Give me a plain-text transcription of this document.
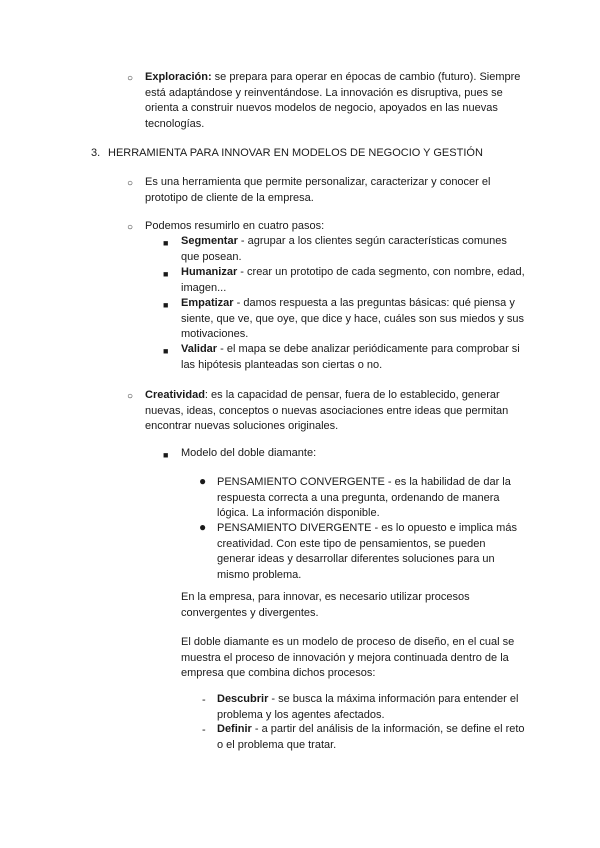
○ Exploración: se prepara para operar en épocas de cambio (futuro). Siempre está adaptándose y reinventándose. La innovación es disruptiva, pues se orienta a construir nuevos modelos de negocio, apoyados en las nuevas tecnologías.
3. HERRAMIENTA PARA INNOVAR EN MODELOS DE NEGOCIO Y GESTIÓN
○ Es una herramienta que permite personalizar, caracterizar y conocer el prototipo de cliente de la empresa.
○ Podemos resumirlo en cuatro pasos:
■ Segmentar - agrupar a los clientes según características comunes que posean.
■ Humanizar - crear un prototipo de cada segmento, con nombre, edad, imagen...
■ Empatizar - damos respuesta a las preguntas básicas: qué piensa y siente, que ve, que oye, que dice y hace, cuáles son sus miedos y sus motivaciones.
■ Validar - el mapa se debe analizar periódicamente para comprobar si las hipótesis planteadas son ciertas o no.
○ Creatividad: es la capacidad de pensar, fuera de lo establecido, generar nuevas, ideas, conceptos o nuevas asociaciones entre ideas que permitan encontrar nuevas soluciones originales.
■ Modelo del doble diamante:
● PENSAMIENTO CONVERGENTE - es la habilidad de dar la respuesta correcta a una pregunta, ordenando de manera lógica. La información disponible.
● PENSAMIENTO DIVERGENTE - es lo opuesto e implica más creatividad. Con este tipo de pensamientos, se pueden generar ideas y desarrollar diferentes soluciones para un mismo problema.
En la empresa, para innovar, es necesario utilizar procesos convergentes y divergentes.
El doble diamante es un modelo de proceso de diseño, en el cual se muestra el proceso de innovación y mejora continuada dentro de la empresa que combina dichos procesos:
- Descubrir - se busca la máxima información para entender el problema y los agentes afectados.
- Definir - a partir del análisis de la información, se define el reto o el problema que tratar.
